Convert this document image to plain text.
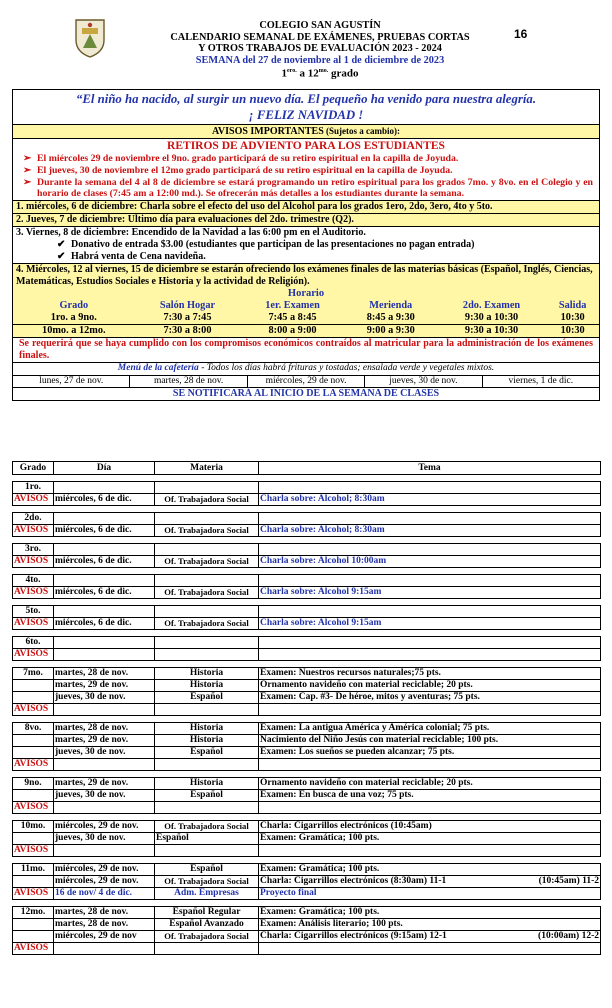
COLEGIO SAN AGUSTÍN
CALENDARIO SEMANAL DE EXÁMENES, PRUEBAS CORTAS
Y OTROS TRABAJOS DE EVALUACIÓN 2023 - 2024
SEMANA del 27 de noviembre al 1 de diciembre de 2023
$1^{ero.}$ a $12^{mo.}$ grado
16
“El niño ha nacido, al surgir un nuevo día. El pequeño ha venido para nuestra alegría.
¡ FELIZ NAVIDAD !
AVISOS IMPORTANTES (Sujetos a cambio):
RETIROS DE ADVIENTO PARA LOS ESTUDIANTES
➢ El miércoles 29 de noviembre el 9no. grado participará de su retiro espiritual en la capilla de Joyuda.
➢ El jueves, 30 de noviembre el 12mo grado participará de su retiro espiritual en la capilla de Joyuda.
➢ Durante la semana del 4 al 8 de diciembre se estará programando un retiro espiritual para los grados 7mo. y 8vo. en el Colegio y en horario de clases (7:45 am a 12:00 md.). Se ofrecerán más detalles a los estudiantes durante la semana.
1. miércoles, 6 de diciembre: Charla sobre el efecto del uso del Alcohol para los grados 1ero, 2do, 3ero, 4to y 5to.
2. Jueves, 7 de diciembre: Ultimo día para evaluaciones del 2do. trimestre (Q2).
3. Viernes, 8 de diciembre: Encendido de la Navidad a las 6:00 pm en el Auditorio.
✔ Donativo de entrada $3.00 (estudiantes que participan de las presentaciones no pagan entrada)
✔ Habrá venta de Cena navideña.
4. Miércoles, 12 al viernes, 15 de diciembre se estarán ofreciendo los exámenes finales de las materias básicas (Español, Inglés, Ciencias, Matemáticas, Estudios Sociales e Historia y la actividad de Religión).
Horario
Grado	Salón Hogar	1er. Examen	Merienda	2do. Examen	Salida
1ro. a 9no.	7:30 a 7:45	7:45 a 8:45	8:45 a 9:30	9:30 a 10:30	10:30
10mo. a 12mo.	7:30 a 8:00	8:00 a 9:00	9:00 a 9:30	9:30 a 10:30	10:30
Se requerirá que se haya cumplido con los compromisos económicos contraídos al matricular para la administración de los exámenes finales.
Menú de la cafetería - Todos los días habrá frituras y tostadas; ensalada verde y vegetales mixtos.
lunes, 27 de nov.	martes, 28 de nov.	miércoles, 29 de nov.	jueves, 30 de nov.	viernes, 1 de dic.
SE NOTIFICARÁ AL INICIO DE LA SEMANA DE CLASES
Grado	Día	Materia	Tema

1ro.			
AVISOS	miércoles, 6 de dic.	Of. Trabajadora Social	Charla sobre: Alcohol; 8:30am

2do.			
AVISOS	miércoles, 6 de dic.	Of. Trabajadora Social	Charla sobre: Alcohol; 8:30am

3ro.			
AVISOS	miércoles, 6 de dic.	Of. Trabajadora Social	Charla sobre: Alcohol 10:00am

4to.			
AVISOS	miércoles, 6 de dic.	Of. Trabajadora Social	Charla sobre: Alcohol 9:15am

5to.			
AVISOS	miércoles, 6 de dic.	Of. Trabajadora Social	Charla sobre: Alcohol 9:15am

6to.			
AVISOS			

7mo.	martes, 28 de nov.	Historia	Examen: Nuestros recursos naturales;75 pts.
	martes, 29 de nov.	Historia	Ornamento navideño con material reciclable; 20 pts.
	jueves, 30 de nov.	Español	Examen: Cap. #3- De héroe, mitos y aventuras; 75 pts.
AVISOS			

8vo.	martes, 28 de nov.	Historia	Examen: La antigua América y América colonial; 75 pts.
	martes, 29 de nov.	Historia	Nacimiento del Niño Jesús con material reciclable; 100 pts.
	jueves, 30 de nov.	Español	Examen: Los sueños se pueden alcanzar; 75 pts.
AVISOS			

9no.	martes, 29 de nov.	Historia	Ornamento navideño con material reciclable; 20 pts.
	jueves, 30 de nov.	Español	Examen: En busca de una voz; 75 pts.
AVISOS			

10mo.	miércoles, 29 de nov.	Of. Trabajadora Social	Charla: Cigarrillos electrónicos (10:45am)
	jueves, 30 de nov.	Español	Examen: Gramática; 100 pts.
AVISOS			

11mo.	miércoles, 29 de nov.	Español	Examen: Gramática; 100 pts.
	miércoles, 29 de nov.	Of. Trabajadora Social	Charla: Cigarrillos electrónicos (8:30am) 11-1 (10:45am) 11-2

AVISOS	16 de nov/ 4 de dic.	Adm. Empresas	Proyecto final

12mo.	martes, 28 de nov.	Español Regular	Examen: Gramática; 100 pts.
	martes, 28 de nov.	Español Avanzado	Examen: Análisis literario; 100 pts.
	miércoles, 29 de nov	Of. Trabajadora Social	Charla: Cigarrillos electrónicos (9:15am) 12-1 (10:00am) 12-2

AVISOS			
